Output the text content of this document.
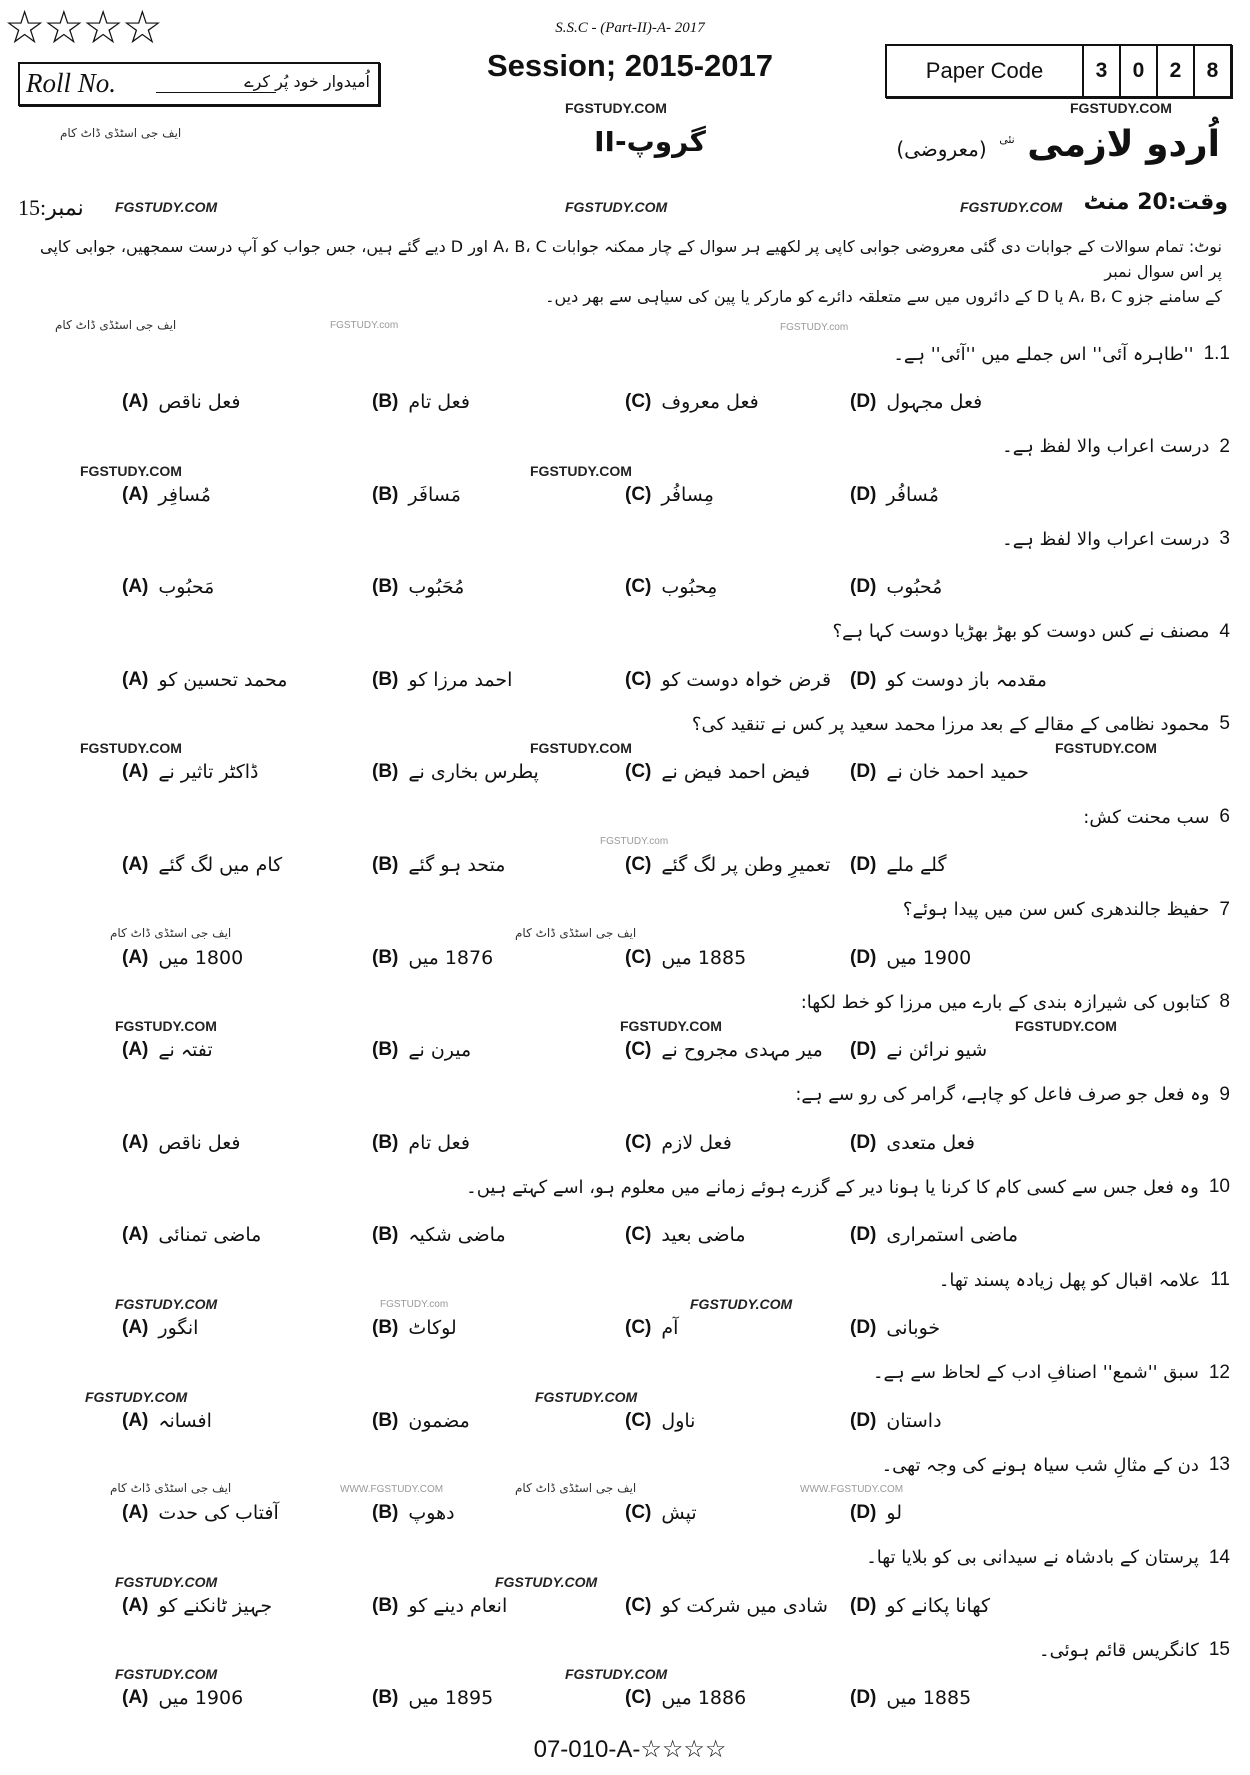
☆☆☆☆
Roll No.	اُمیدوار خود پُر کرے
S.S.C - (Part-II)-A- 2017
Session; 2015-2017	Paper Code	3	0	2	8
FGSTUDY.COM	FGSTUDY.COM
ایف جی اسٹڈی ڈاٹ کام	گروپ-II	اُردو لازمی $^{نئی}$ (معروضی)
نمبر:15 FGSTUDY.COM	FGSTUDY.COM	FGSTUDY.COM وقت:20 منٹ
نوٹ: تمام سوالات کے جوابات دی گئی معروضی جوابی کاپی پر لکھیے ہر سوال کے چار ممکنہ جوابات A، B، C اور D دیے گئے ہیں، جس جواب کو آپ درست سمجھیں، جوابی کاپی پر اس سوال نمبر
کے سامنے جزو A، B، C یا D کے دائروں میں سے متعلقہ دائرے کو مارکر یا پین کی سیاہی سے بھر دیں۔
ایف جی اسٹڈی ڈاٹ کام	FGSTUDY.com	FGSTUDY.com
''طاہرہ آئی'' اس جملے میں ''آئی'' ہے۔ 1.1
(A) فعل ناقص	(B) فعل تام	(C) فعل معروف	(D) فعل مجہول
درست اعراب والا لفظ ہے۔ 2
(A) مُسافِر	(B) مَسافَر	(C) مِسافُر	(D) مُسافُر
درست اعراب والا لفظ ہے۔ 3
(A) مَحبُوب	(B) مُحَبُوب	(C) مِحبُوب	(D) مُحبُوب
مصنف نے کس دوست کو بھڑ بھڑیا دوست کہا ہے؟ 4
(A) محمد تحسین کو	(B) احمد مرزا کو	(C) قرض خواہ دوست کو (D) مقدمہ باز دوست کو
محمود نظامی کے مقالے کے بعد مرزا محمد سعید پر کس نے تنقید کی؟ 5
(A) ڈاکٹر تاثیر نے	(B) پطرس بخاری نے	(C) فیض احمد فیض نے (D) حمید احمد خان نے
سب محنت کش: 6
(A) کام میں لگ گئے	(B) متحد ہو گئے	(C) تعمیرِ وطن پر لگ گئے (D) گلے ملے
حفیظ جالندھری کس سن میں پیدا ہوئے؟ 7
(A) 1800 میں	(B) 1876 میں	(C) 1885 میں	(D) 1900 میں
کتابوں کی شیرازہ بندی کے بارے میں مرزا کو خط لکھا: 8
(A) تفتہ نے	(B) میرن نے	(C) میر مہدی مجروح نے (D) شیو نرائن نے
وہ فعل جو صرف فاعل کو چاہے، گرامر کی رو سے ہے: 9
(A) فعل ناقص	(B) فعل تام	(C) فعل لازم	(D) فعل متعدی
وہ فعل جس سے کسی کام کا کرنا یا ہونا دیر کے گزرے ہوئے زمانے میں معلوم ہو، اسے کہتے ہیں۔ 10
(A) ماضی تمنائی	(B) ماضی شکیہ	(C) ماضی بعید	(D) ماضی استمراری
علامہ اقبال کو پھل زیادہ پسند تھا۔ 11
(A) انگور	(B) لوکاٹ	(C) آم	(D) خوبانی
سبق ''شمع'' اصنافِ ادب کے لحاظ سے ہے۔ 12
(A) افسانہ	(B) مضمون	(C) ناول	(D) داستان
دن کے مثالِ شب سیاہ ہونے کی وجہ تھی۔ 13
(A) آفتاب کی حدت	(B) دھوپ	(C) تپش	(D) لو
پرستان کے بادشاہ نے سیدانی بی کو بلایا تھا۔ 14
(A) جہیز ٹانکنے کو	(B) انعام دینے کو	(C) شادی میں شرکت کو (D) کھانا پکانے کو
کانگریس قائم ہوئی۔ 15
(A) 1906 میں	(B) 1895 میں	(C) 1886 میں	(D) 1885 میں
FGSTUDY.COM	FGSTUDY.COM
FGSTUDY.COM	FGSTUDY.COM	FGSTUDY.COM
FGSTUDY.COM	FGSTUDY.COM	FGSTUDY.COM
FGSTUDY.COM	FGSTUDY.COM
FGSTUDY.COM	FGSTUDY.COM
FGSTUDY.COM	FGSTUDY.COM
FGSTUDY.COM	FGSTUDY.COM
ایف جی اسٹڈی ڈاٹ کام	ایف جی اسٹڈی ڈاٹ کام
ایف جی اسٹڈی ڈاٹ کام	ایف جی اسٹڈی ڈاٹ کام
FGSTUDY.com
FGSTUDY.com
WWW.FGSTUDY.COM	WWW.FGSTUDY.COM
07-010-A-☆☆☆☆
